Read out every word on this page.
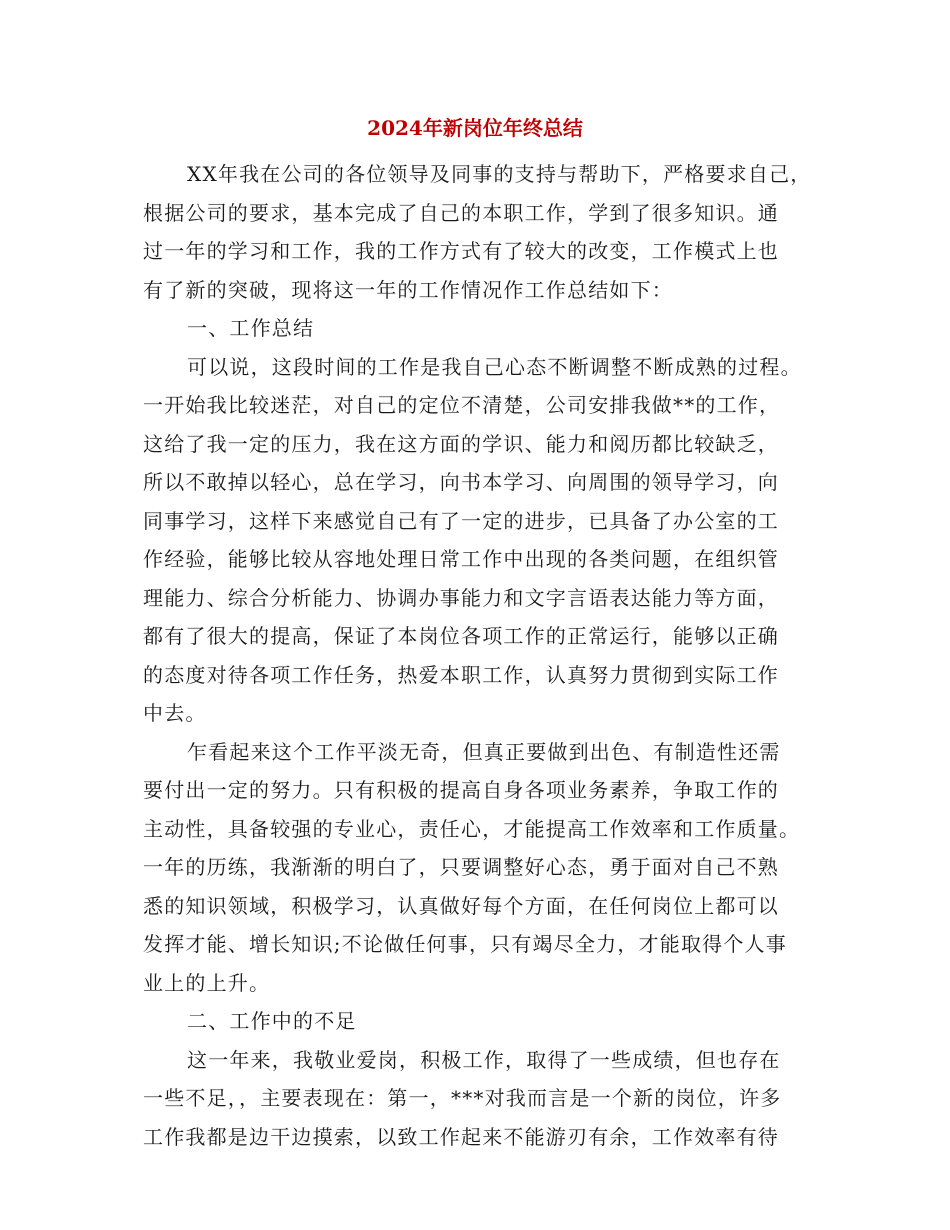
2024年新岗位年终总结
XX年我在公司的各位领导及同事的支持与帮助下，严格要求自己，
根据公司的要求，基本完成了自己的本职工作，学到了很多知识。通
过一年的学习和工作，我的工作方式有了较大的改变，工作模式上也
有了新的突破，现将这一年的工作情况作工作总结如下：
一、工作总结
可以说，这段时间的工作是我自己心态不断调整不断成熟的过程。
一开始我比较迷茫，对自己的定位不清楚，公司安排我做**的工作，
这给了我一定的压力，我在这方面的学识、能力和阅历都比较缺乏，
所以不敢掉以轻心，总在学习，向书本学习、向周围的领导学习，向
同事学习，这样下来感觉自己有了一定的进步，已具备了办公室的工
作经验，能够比较从容地处理日常工作中出现的各类问题，在组织管
理能力、综合分析能力、协调办事能力和文字言语表达能力等方面，
都有了很大的提高，保证了本岗位各项工作的正常运行，能够以正确
的态度对待各项工作任务，热爱本职工作，认真努力贯彻到实际工作
中去。
乍看起来这个工作平淡无奇，但真正要做到出色、有制造性还需
要付出一定的努力。只有积极的提高自身各项业务素养，争取工作的
主动性，具备较强的专业心，责任心，才能提高工作效率和工作质量。
一年的历练，我渐渐的明白了，只要调整好心态，勇于面对自己不熟
悉的知识领域，积极学习，认真做好每个方面，在任何岗位上都可以
发挥才能、增长知识;不论做任何事，只有竭尽全力，才能取得个人事
业上的上升。
二、工作中的不足
这一年来，我敬业爱岗，积极工作，取得了一些成绩，但也存在
一些不足，，主要表现在：第一，***对我而言是一个新的岗位，许多
工作我都是边干边摸索，以致工作起来不能游刃有余，工作效率有待
